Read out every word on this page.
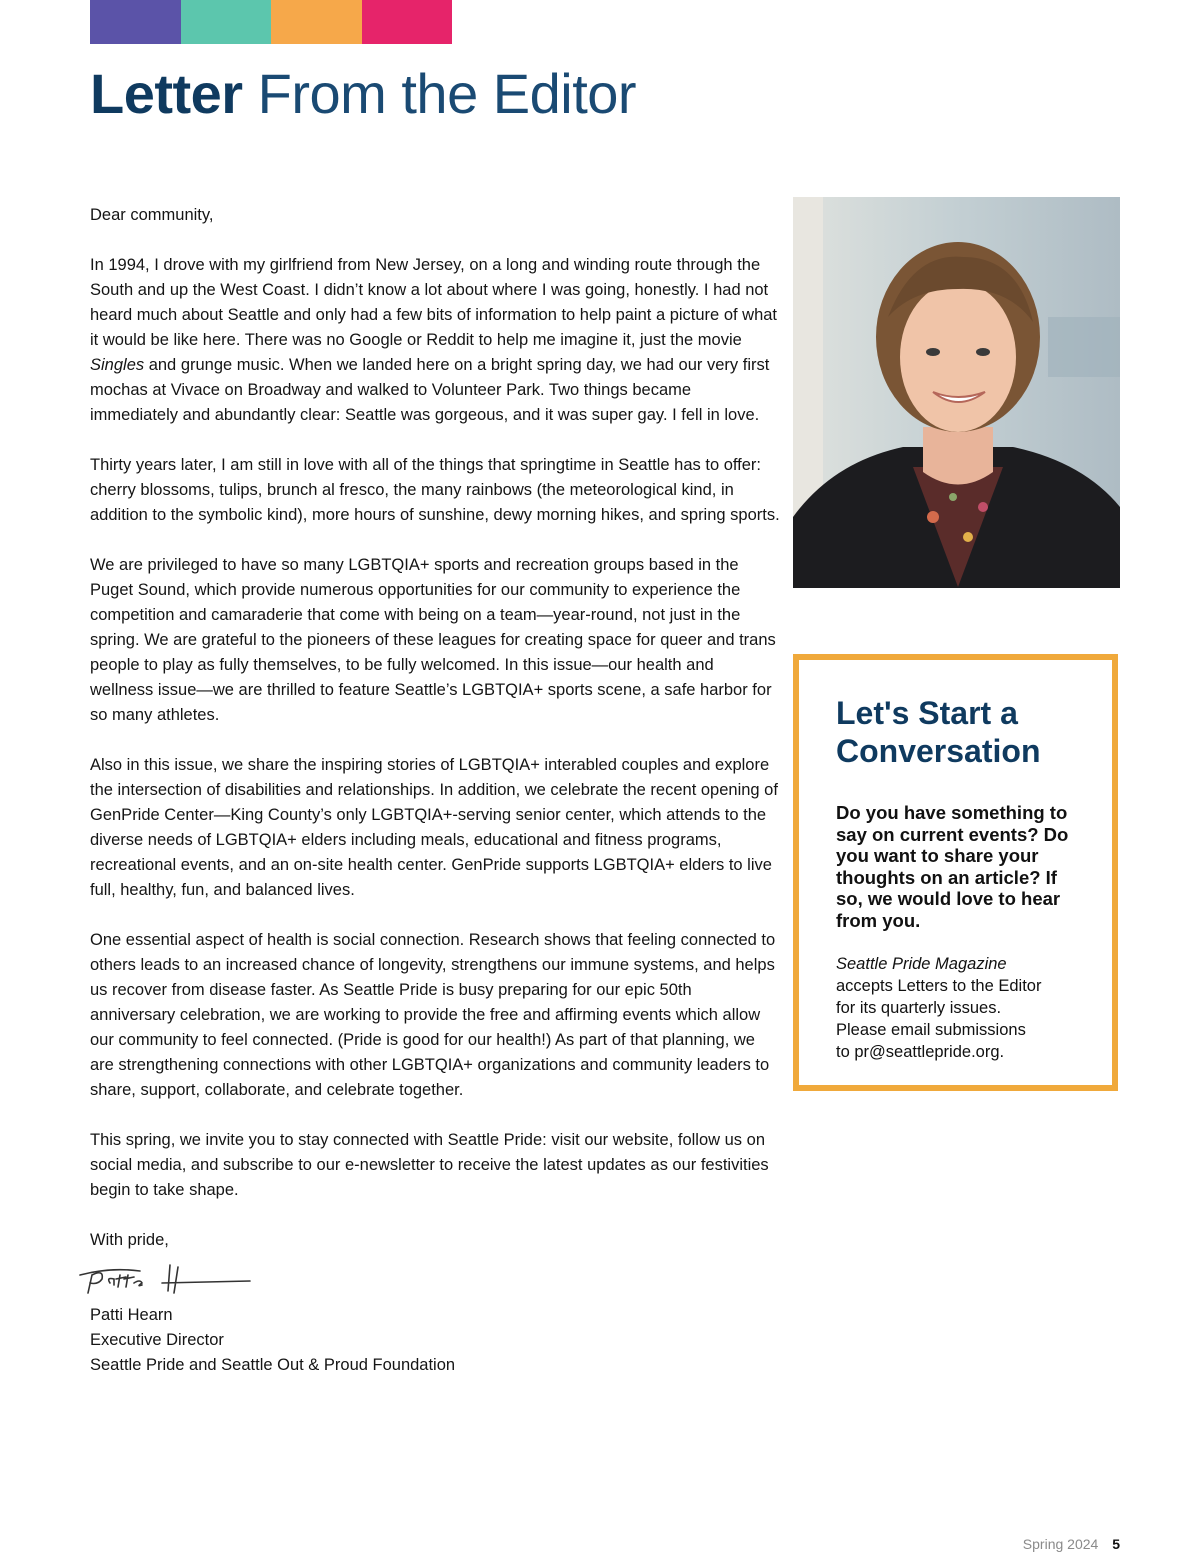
Letter From the Editor

Dear community,

In 1994, I drove with my girlfriend from New Jersey, on a long and winding route through the South and up the West Coast. I didn’t know a lot about where I was going, honestly. I had not heard much about Seattle and only had a few bits of information to help paint a picture of what it would be like here. There was no Google or Reddit to help me imagine it, just the movie Singles and grunge music. When we landed here on a bright spring day, we had our very first mochas at Vivace on Broadway and walked to Volunteer Park. Two things became immediately and abundantly clear: Seattle was gorgeous, and it was super gay. I fell in love.

Thirty years later, I am still in love with all of the things that springtime in Seattle has to offer: cherry blossoms, tulips, brunch al fresco, the many rainbows (the meteorological kind, in addition to the symbolic kind), more hours of sunshine, dewy morning hikes, and spring sports.

We are privileged to have so many LGBTQIA+ sports and recreation groups based in the Puget Sound, which provide numerous opportunities for our community to experience the competition and camaraderie that come with being on a team—year-round, not just in the spring. We are grateful to the pioneers of these leagues for creating space for queer and trans people to play as fully themselves, to be fully welcomed. In this issue—our health and wellness issue—we are thrilled to feature Seattle’s LGBTQIA+ sports scene, a safe harbor for so many athletes.

Also in this issue, we share the inspiring stories of LGBTQIA+ interabled couples and explore the intersection of disabilities and relationships. In addition, we celebrate the recent opening of GenPride Center—King County’s only LGBTQIA+-serving senior center, which attends to the diverse needs of LGBTQIA+ elders including meals, educational and fitness programs, recreational events, and an on-site health center. GenPride supports LGBTQIA+ elders to live full, healthy, fun, and balanced lives.

One essential aspect of health is social connection. Research shows that feeling connected to others leads to an increased chance of longevity, strengthens our immune systems, and helps us recover from disease faster. As Seattle Pride is busy preparing for our epic 50th anniversary celebration, we are working to provide the free and affirming events which allow our community to feel connected. (Pride is good for our health!) As part of that planning, we are strengthening connections with other LGBTQIA+ organizations and community leaders to share, support, collaborate, and celebrate together.

This spring, we invite you to stay connected with Seattle Pride: visit our website, follow us on social media, and subscribe to our e-newsletter to receive the latest updates as our festivities begin to take shape.

With pride,

Patti Hearn

Executive Director

Seattle Pride and Seattle Out & Proud Foundation

Let's Start a
Conversation

Do you have something to say on current events? Do you want to share your thoughts on an article? If so, we would love to hear from you.

Seattle Pride Magazine
accepts Letters to the Editor
for its quarterly issues.
Please email submissions
to pr@seattlepride.org.

Spring 2024 5
